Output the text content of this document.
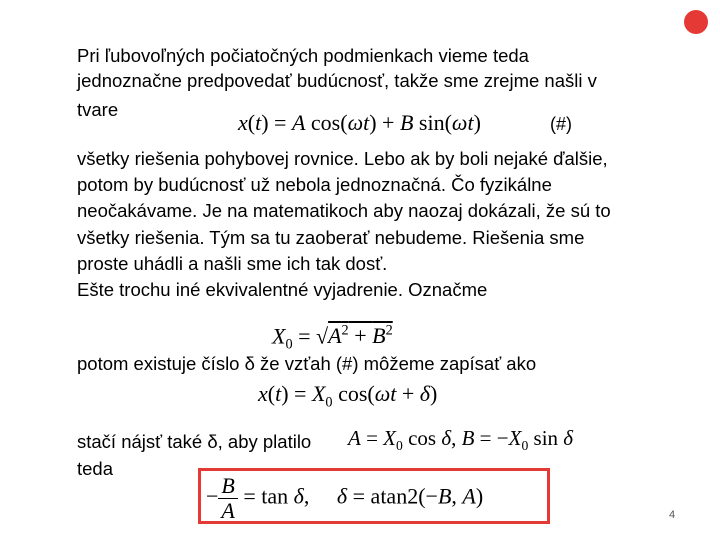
Pri ľubovoľných počiatočných podmienkach vieme teda

jednoznačne predpovedať budúcnosť, takže sme zrejme našli v

tvare

x(t) = A cos(ωt) + B sin(ωt)	(#)

všetky riešenia pohybovej rovnice. Lebo ak by boli nejaké ďalšie,

potom by budúcnosť už nebola jednoznačná. Čo fyzikálne

neočakávame. Je na matematikoch aby naozaj dokázali, že sú to

všetky riešenia. Tým sa tu zaoberať nebudeme. Riešenia sme

proste uhádli a našli sme ich tak dosť.

Ešte trochu iné ekvivalentné vyjadrenie. Označme

$X_0 = √A^2 + B^2$

potom existuje číslo δ že vzťah (#) môžeme zapísať ako

$x(t) = X_0$ cos(ωt + δ)

stačí nájsť také δ, aby platilo $A = X_0$ cos δ, $B = -X_0$ sin δ

teda

− $\frac{B}{A} = \tan \delta$,     δ = atan2(−B, A)
4
